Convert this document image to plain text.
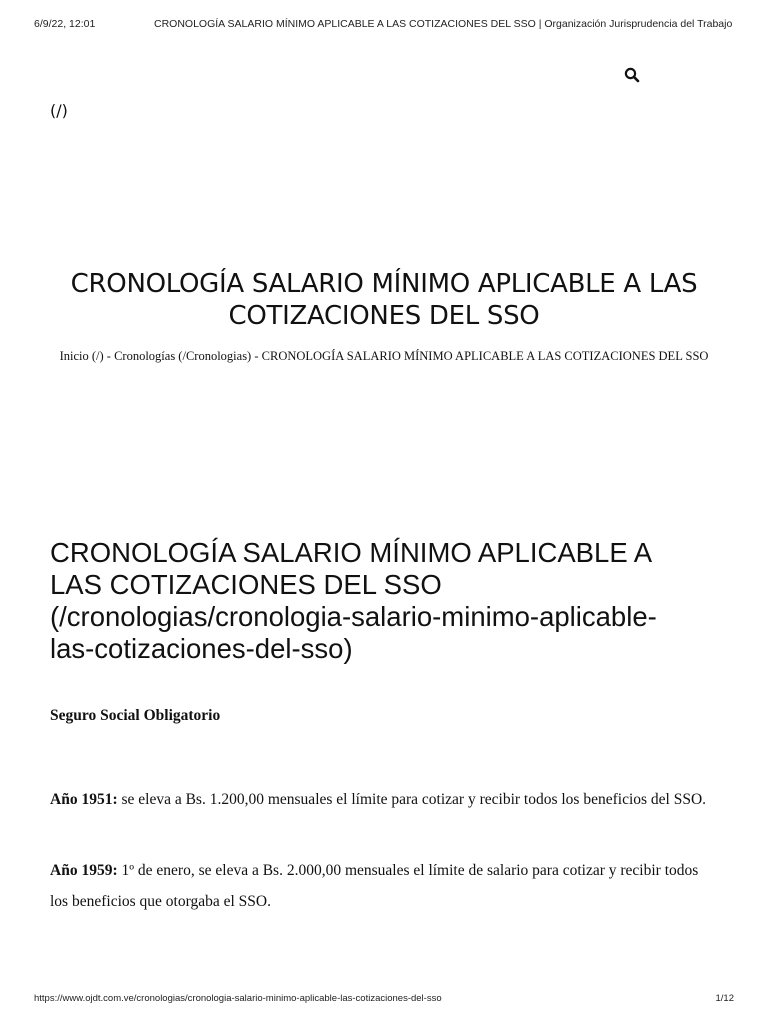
6/9/22, 12:01	CRONOLOGÍA SALARIO MÍNIMO APLICABLE A LAS COTIZACIONES DEL SSO | Organización Jurisprudencia del Trabajo
(/)
CRONOLOGÍA SALARIO MÍNIMO APLICABLE A LAS COTIZACIONES DEL SSO
Inicio (/) - Cronologías (/Cronologias) - CRONOLOGÍA SALARIO MÍNIMO APLICABLE A LAS COTIZACIONES DEL SSO
CRONOLOGÍA SALARIO MÍNIMO APLICABLE A
LAS COTIZACIONES DEL SSO
(/cronologias/cronologia-salario-minimo-aplicable-
las-cotizaciones-del-sso)
Seguro Social Obligatorio

Año 1951: se eleva a Bs. 1.200,00 mensuales el límite para cotizar y recibir todos los beneficios del SSO.

Año 1959: 1º de enero, se eleva a Bs. 2.000,00 mensuales el límite de salario para cotizar y recibir todos los beneficios que otorgaba el SSO.

https://www.ojdt.com.ve/cronologias/cronologia-salario-minimo-aplicable-las-cotizaciones-del-sso	1/12
